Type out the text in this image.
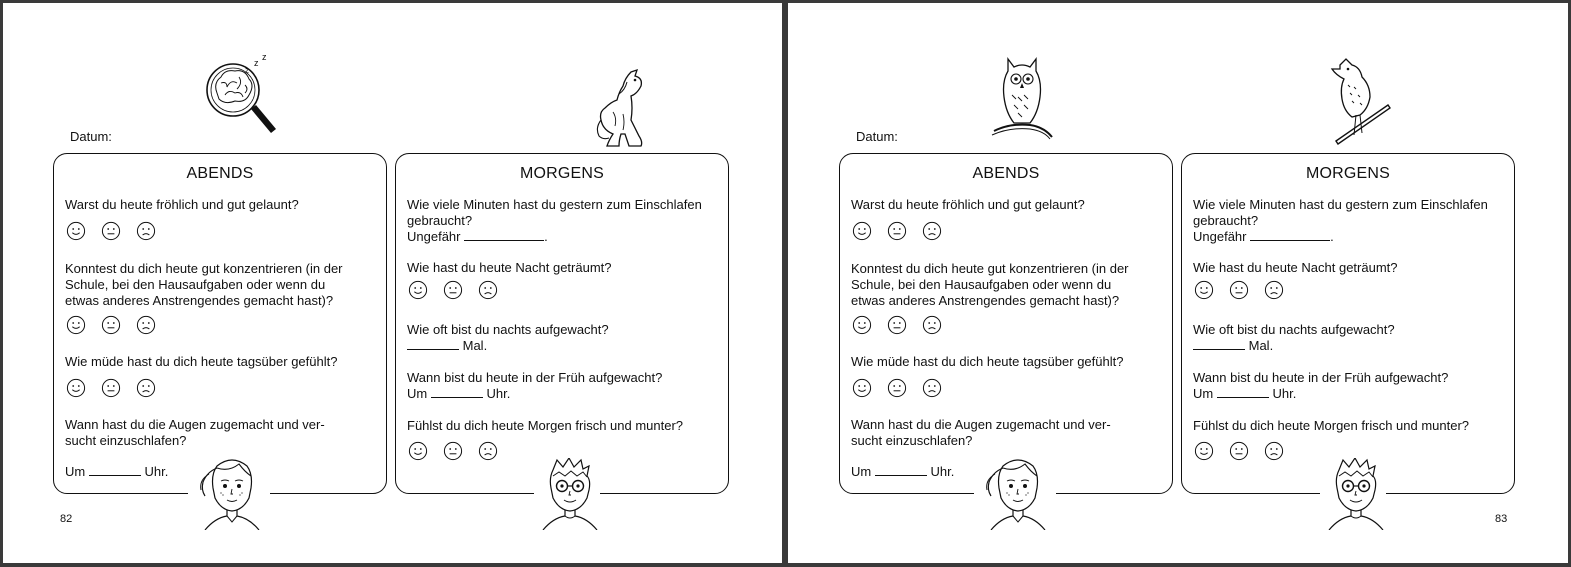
z
z
z
Datum:
ABENDS
Warst du heute fröhlich und gut gelaunt?
Konntest du dich heute gut konzentrieren (in der
Schule, bei den Hausaufgaben oder wenn du
etwas anderes Anstrengendes gemacht hast)?
Wie müde hast du dich heute tagsüber gefühlt?
Wann hast du die Augen zugemacht und ver-
sucht einzuschlafen?
Um	Uhr.
MORGENS
Wie viele Minuten hast du gestern zum Einschlafen
gebraucht?
Ungefähr	.
Wie hast du heute Nacht geträumt?
Wie oft bist du nachts aufgewacht?
Mal.
Wann bist du heute in der Früh aufgewacht?
Um	Uhr.
Fühlst du dich heute Morgen frisch und munter?
82
Datum:
ABENDS
Warst du heute fröhlich und gut gelaunt?
Konntest du dich heute gut konzentrieren (in der
Schule, bei den Hausaufgaben oder wenn du
etwas anderes Anstrengendes gemacht hast)?
Wie müde hast du dich heute tagsüber gefühlt?
Wann hast du die Augen zugemacht und ver-
sucht einzuschlafen?
Um	Uhr.
MORGENS
Wie viele Minuten hast du gestern zum Einschlafen
gebraucht?
Ungefähr	.
Wie hast du heute Nacht geträumt?
Wie oft bist du nachts aufgewacht?
Mal.
Wann bist du heute in der Früh aufgewacht?
Um	Uhr.
Fühlst du dich heute Morgen frisch und munter?
83
